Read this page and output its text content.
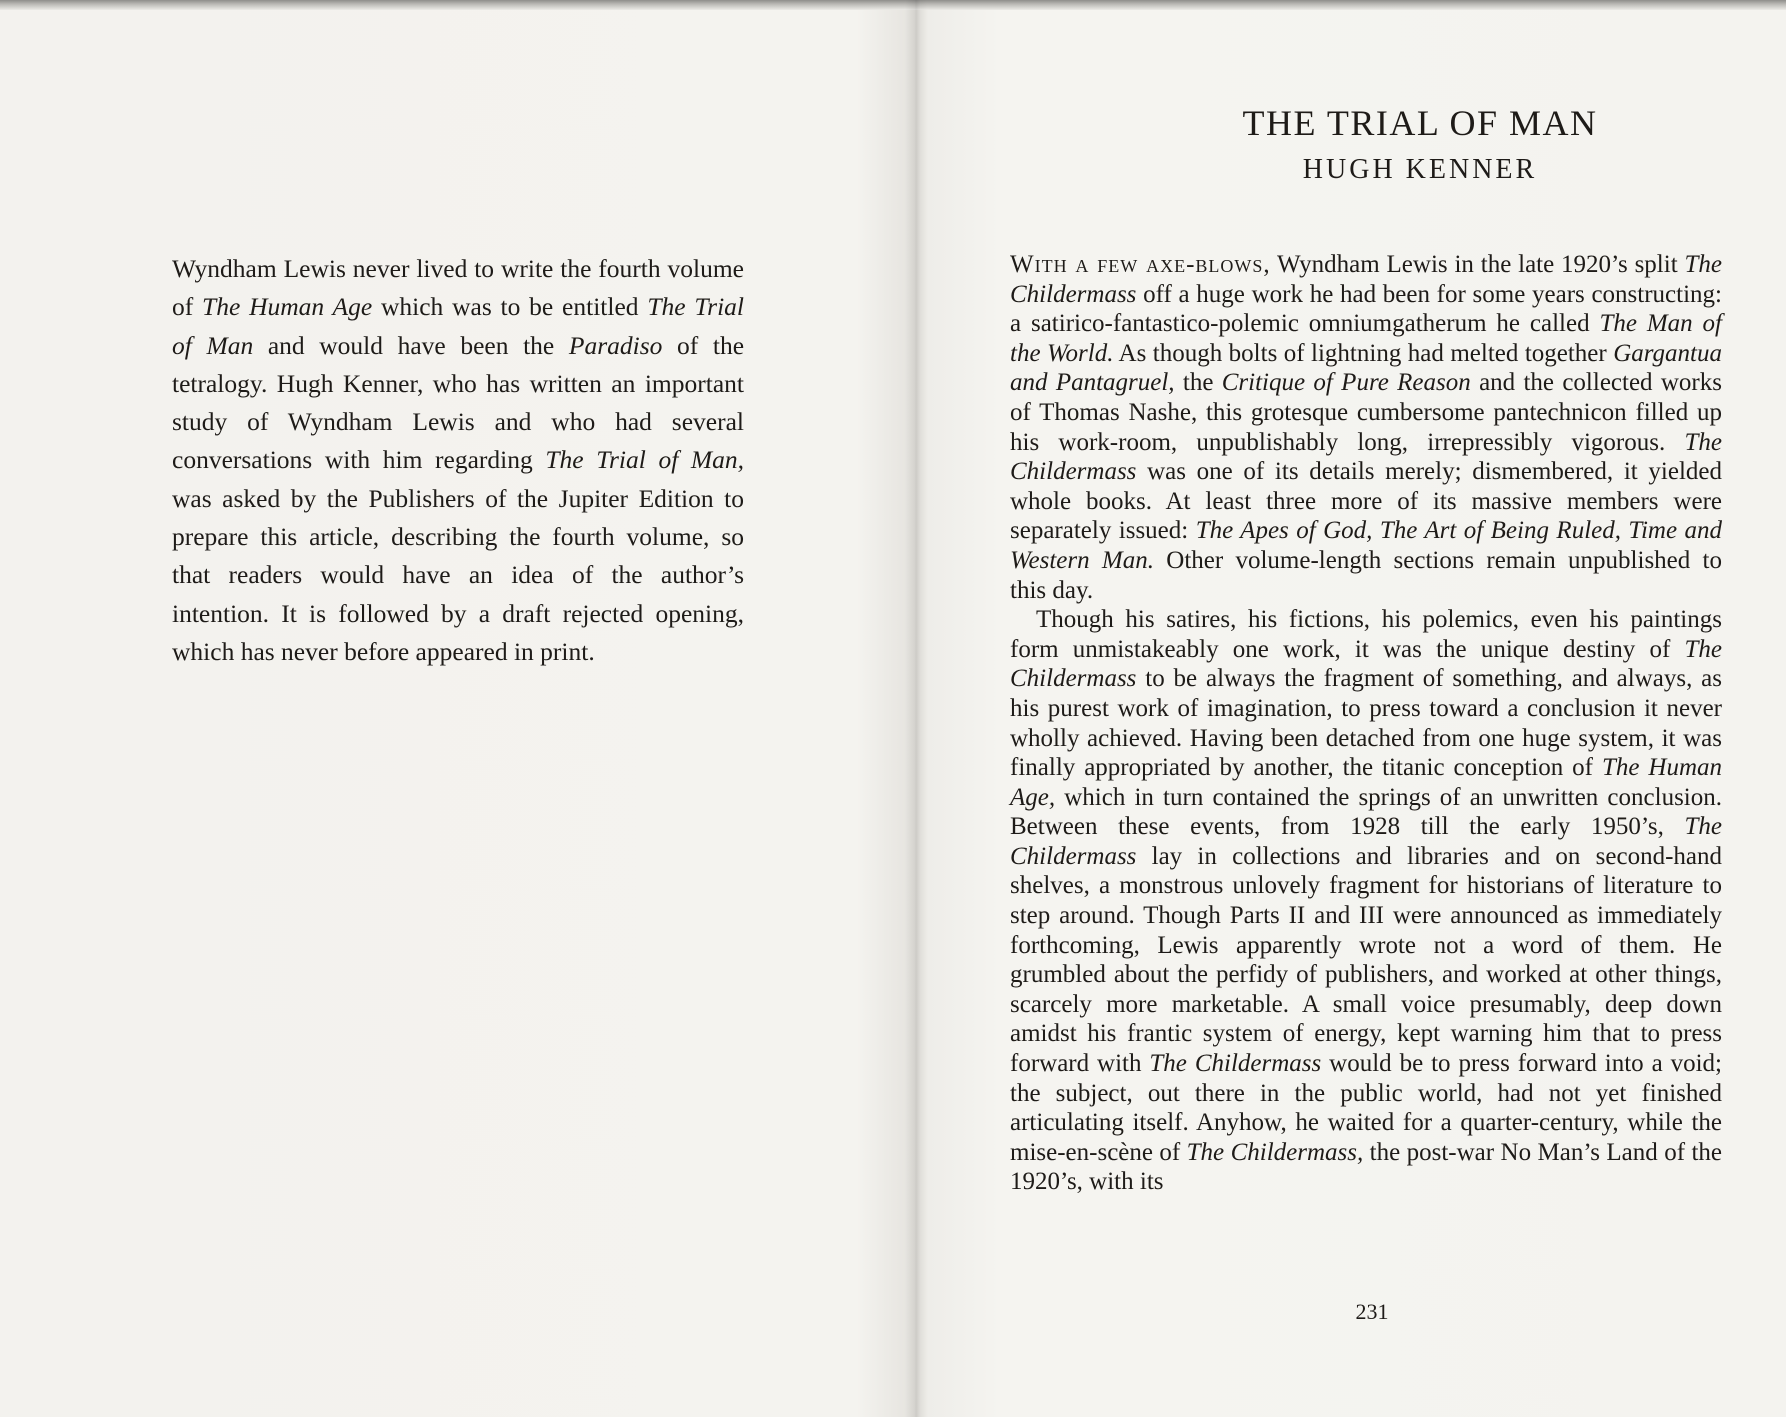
Wyndham Lewis never lived to write the fourth volume of The Human Age which was to be entitled The Trial of Man and would have been the Paradiso of the tetralogy. Hugh Kenner, who has written an important study of Wyndham Lewis and who had several conversations with him regarding The Trial of Man, was asked by the Publishers of the Jupiter Edition to prepare this article, describing the fourth volume, so that readers would have an idea of the author’s intention. It is followed by a draft rejected opening, which has never before appeared in print.

THE TRIAL OF MAN
HUGH KENNER

With a few axe-blows, Wyndham Lewis in the late 1920’s split The Childermass off a huge work he had been for some years constructing: a satirico-fantastico-polemic omniumgatherum he called The Man of the World. As though bolts of lightning had melted together Gargantua and Pantagruel, the Critique of Pure Reason and the collected works of Thomas Nashe, this grotesque cumbersome pantechnicon filled up his work-room, unpublishably long, irrepressibly vigorous. The Childermass was one of its details merely; dismembered, it yielded whole books. At least three more of its massive members were separately issued: The Apes of God, The Art of Being Ruled, Time and Western Man. Other volume-length sections remain unpublished to this day.

Though his satires, his fictions, his polemics, even his paintings form unmistakeably one work, it was the unique destiny of The Childermass to be always the fragment of something, and always, as his purest work of imagination, to press toward a conclusion it never wholly achieved. Having been detached from one huge system, it was finally appropriated by another, the titanic conception of The Human Age, which in turn contained the springs of an unwritten conclusion. Between these events, from 1928 till the early 1950’s, The Childermass lay in collections and libraries and on second-hand shelves, a monstrous unlovely fragment for historians of literature to step around. Though Parts II and III were announced as immediately forthcoming, Lewis apparently wrote not a word of them. He grumbled about the perfidy of publishers, and worked at other things, scarcely more marketable. A small voice presumably, deep down amidst his frantic system of energy, kept warning him that to press forward with The Childermass would be to press forward into a void; the subject, out there in the public world, had not yet finished articulating itself. Anyhow, he waited for a quarter-century, while the mise-en-scène of The Childermass, the post-war No Man’s Land of the 1920’s, with its

231
